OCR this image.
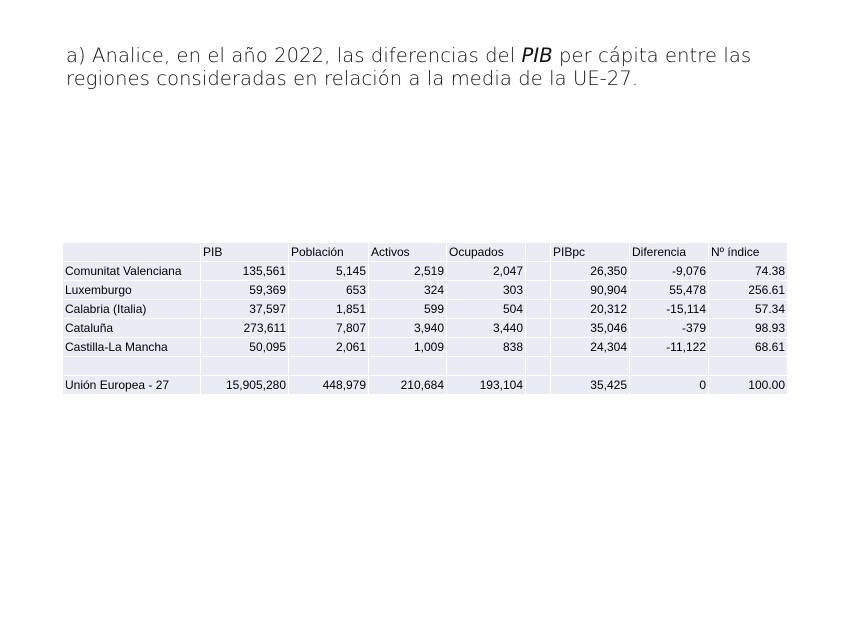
a) Analice, en el año 2022, las diferencias del PIB per cápita entre las regiones consideradas en relación a la media de la UE-27.
	PIB	Población	Activos	Ocupados		PIBpc	Diferencia	Nº índice
Comunitat Valenciana	135,561	5,145	2,519	2,047		26,350	-9,076	74.38
Luxemburgo	59,369	653	324	303		90,904	55,478	256.61
Calabria (Italia)	37,597	1,851	599	504		20,312	-15,114	57.34
Cataluña	273,611	7,807	3,940	3,440		35,046	-379	98.93
Castilla-La Mancha	50,095	2,061	1,009	838		24,304	-11,122	68.61

Unión Europea - 27	15,905,280	448,979	210,684	193,104		35,425	0	100.00
